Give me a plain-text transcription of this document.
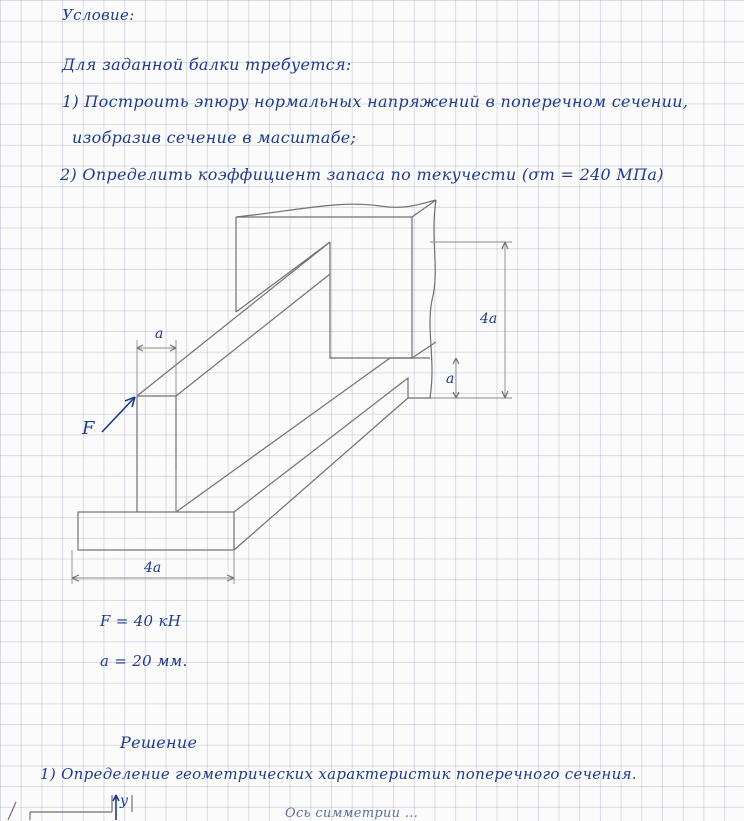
Условие:
Для заданной балки требуется:
1) Построить эпюру нормальных напряжений в поперечном сечении,
изобразив сечение в масштабе;
2) Определить коэффициент запаса по текучести (σт = 240 МПа)
a
4a
a
F
4a
y
F = 40 кН
a = 20 мм.
Решение
1) Определение геометрических характеристик поперечного сечения.
Ось симметрии ...
